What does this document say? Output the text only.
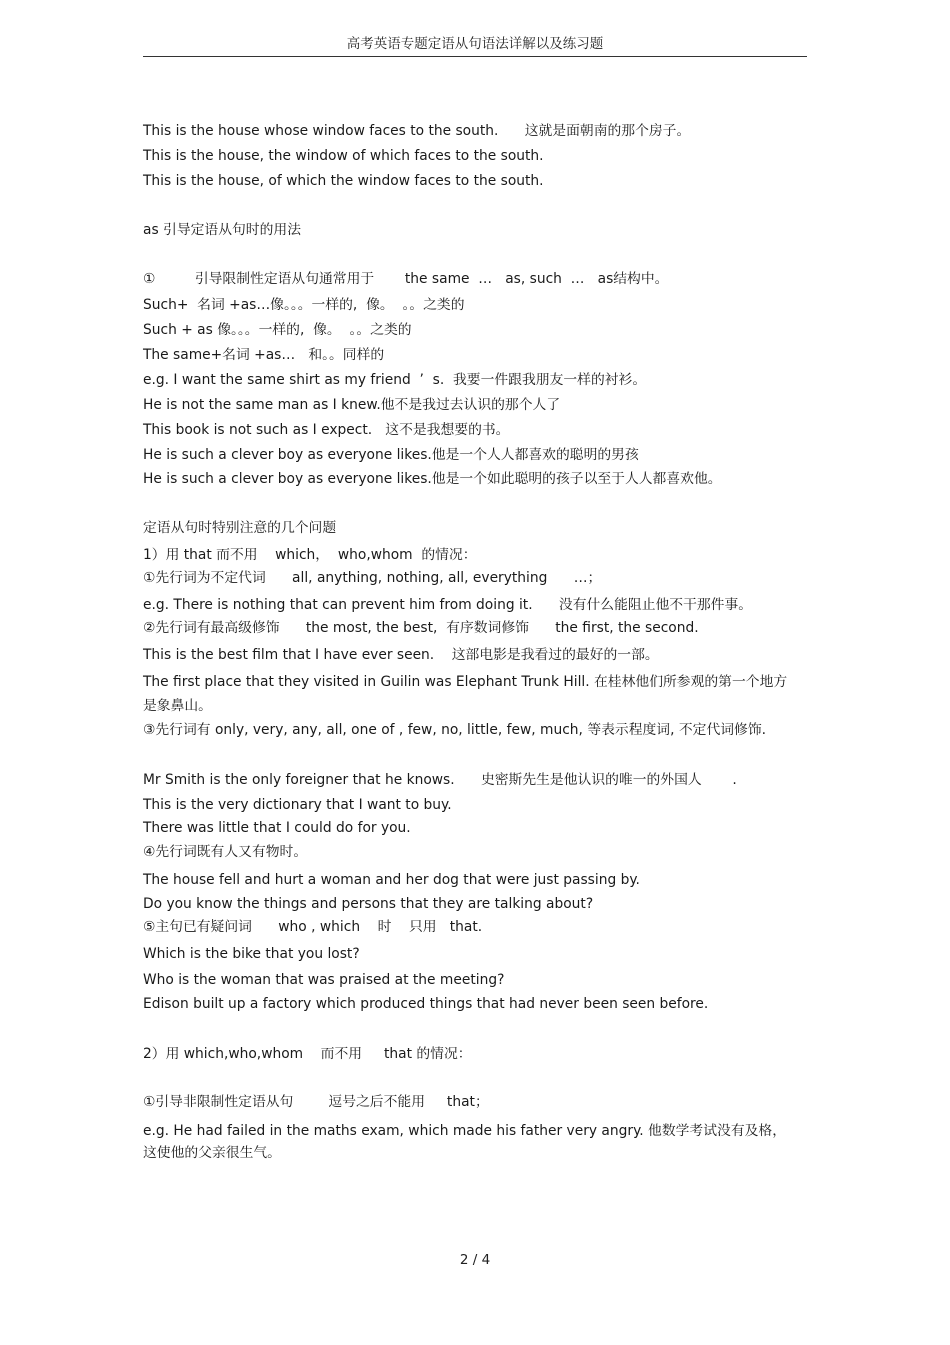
高考英语专题定语从句语法详解以及练习题
This is the house whose window faces to the south.      这就是面朝南的那个房子。
This is the house, the window of which faces to the south.
This is the house, of which the window faces to the south.
as 引导定语从句时的用法
①         引导限制性定语从句通常用于       the same  …   as, such  …   as结构中。
Such+  名词 +as…像。。。一样的,  像。  。。之类的
Such + as 像。。。一样的,  像。  。。之类的
The same+名词 +as…   和。。同样的
e.g. I want the same shirt as my friend  ’  s.  我要一件跟我朋友一样的衬衫。
He is not the same man as I knew.他不是我过去认识的那个人了
This book is not such as I expect.   这不是我想要的书。
He is such a clever boy as everyone likes.他是一个人人都喜欢的聪明的男孩
He is such a clever boy as everyone likes.他是一个如此聪明的孩子以至于人人都喜欢他。
定语从句时特别注意的几个问题
1）用 that 而不用    which，  who,whom  的情况：
①先行词为不定代词      all, anything, nothing, all, everything      …；
e.g. There is nothing that can prevent him from doing it.      没有什么能阻止他不干那件事。
②先行词有最高级修饰      the most, the best,  有序数词修饰      the first, the second.
This is the best film that I have ever seen.    这部电影是我看过的最好的一部。
The first place that they visited in Guilin was Elephant Trunk Hill. 在桂林他们所参观的第一个地方是象鼻山。
③先行词有 only, very, any, all, one of , few, no, little, few, much, 等表示程度词, 不定代词修饰.
Mr Smith is the only foreigner that he knows.      史密斯先生是他认识的唯一的外国人       .
This is the very dictionary that I want to buy.
There was little that I could do for you.
④先行词既有人又有物时。
The house fell and hurt a woman and her dog that were just passing by.
Do you know the things and persons that they are talking about?
⑤主句已有疑问词      who , which    时    只用   that.
Which is the bike that you lost?
Who is the woman that was praised at the meeting?
Edison built up a factory which produced things that had never been seen before.
2）用 which,who,whom    而不用     that 的情况：
①引导非限制性定语从句        逗号之后不能用     that；
e.g. He had failed in the maths exam, which made his father very angry. 他数学考试没有及格，这使他的父亲很生气。
2 / 4
